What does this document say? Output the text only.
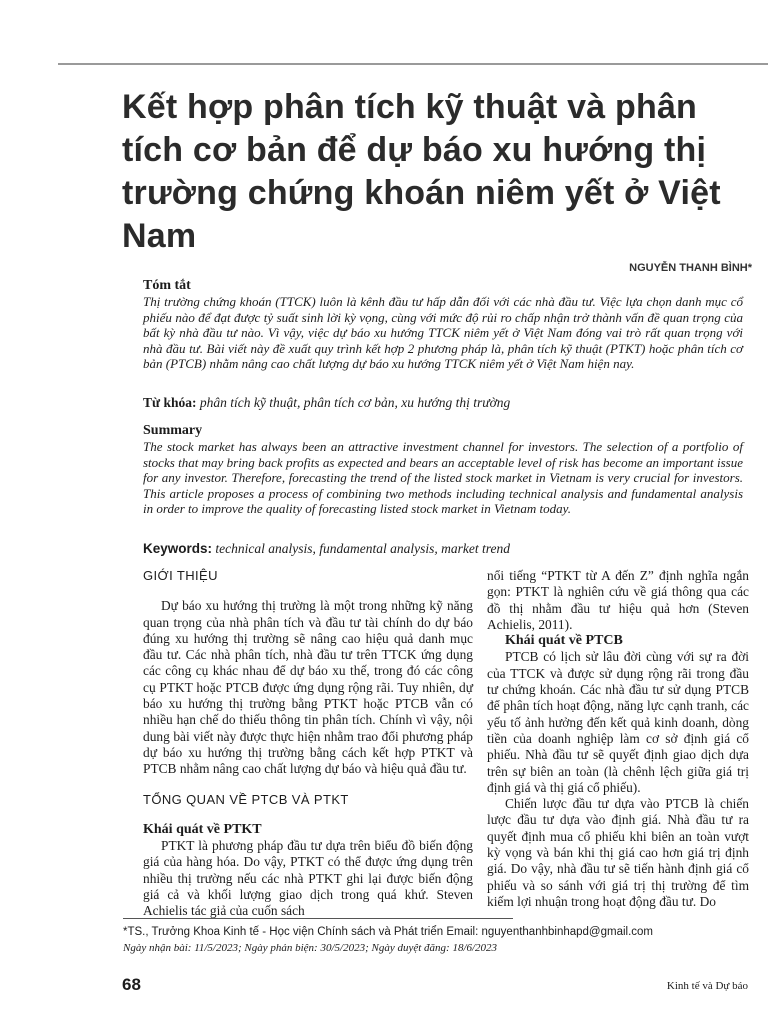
Kết hợp phân tích kỹ thuật và phân tích cơ bản để dự báo xu hướng thị trường chứng khoán niêm yết ở Việt Nam
NGUYỄN THANH BÌNH*

Tóm tắt

Thị trường chứng khoán (TTCK) luôn là kênh đầu tư hấp dẫn đối với các nhà đầu tư. Việc lựa chọn danh mục cổ phiếu nào để đạt được tỷ suất sinh lời kỳ vọng, cùng với mức độ rủi ro chấp nhận trở thành vấn đề quan trọng của bất kỳ nhà đầu tư nào. Vì vậy, việc dự báo xu hướng TTCK niêm yết ở Việt Nam đóng vai trò rất quan trọng với nhà đầu tư. Bài viết này đề xuất quy trình kết hợp 2 phương pháp là, phân tích kỹ thuật (PTKT) hoặc phân tích cơ bản (PTCB) nhằm nâng cao chất lượng dự báo xu hướng TTCK niêm yết ở Việt Nam hiện nay.

Từ khóa: phân tích kỹ thuật, phân tích cơ bản, xu hướng thị trường

Summary

The stock market has always been an attractive investment channel for investors. The selection of a portfolio of stocks that may bring back profits as expected and bears an acceptable level of risk has become an important issue for any investor. Therefore, forecasting the trend of the listed stock market in Vietnam is very crucial for investors. This article proposes a process of combining two methods including technical analysis and fundamental analysis in order to improve the quality of forecasting listed stock market in Vietnam today.

Keywords: technical analysis, fundamental analysis, market trend
GIỚI THIỆU

Dự báo xu hướng thị trường là một trong những kỹ năng quan trọng của nhà phân tích và đầu tư tài chính do dự báo đúng xu hướng thị trường sẽ nâng cao hiệu quả danh mục đầu tư. Các nhà phân tích, nhà đầu tư trên TTCK ứng dụng các công cụ khác nhau để dự báo xu thế, trong đó các công cụ PTKT hoặc PTCB được ứng dụng rộng rãi. Tuy nhiên, dự báo xu hướng thị trường bằng PTKT hoặc PTCB vẫn có nhiều hạn chế do thiếu thông tin phân tích. Chính vì vậy, nội dung bài viết này được thực hiện nhằm trao đổi phương pháp dự báo xu hướng thị trường bằng cách kết hợp PTKT và PTCB nhằm nâng cao chất lượng dự báo và hiệu quả đầu tư.

TỔNG QUAN VỀ PTCB VÀ PTKT

Khái quát về PTKT

PTKT là phương pháp đầu tư dựa trên biểu đồ biến động giá của hàng hóa. Do vậy, PTKT có thể được ứng dụng trên nhiều thị trường nếu các nhà PTKT ghi lại được biến động giá cả và khối lượng giao dịch trong quá khứ. Steven Achielis tác giả của cuốn sách

nổi tiếng “PTKT từ A đến Z” định nghĩa ngắn gọn: PTKT là nghiên cứu về giá thông qua các đồ thị nhằm đầu tư hiệu quả hơn (Steven Achielis, 2011).

Khái quát về PTCB

PTCB có lịch sử lâu đời cùng với sự ra đời của TTCK và được sử dụng rộng rãi trong đầu tư chứng khoán. Các nhà đầu tư sử dụng PTCB để phân tích hoạt động, năng lực cạnh tranh, các yếu tố ảnh hưởng đến kết quả kinh doanh, dòng tiền của doanh nghiệp làm cơ sở định giá cổ phiếu. Nhà đầu tư sẽ quyết định giao dịch dựa trên sự biên an toàn (là chênh lệch giữa giá trị định giá và thị giá cổ phiếu).

Chiến lược đầu tư dựa vào PTCB là chiến lược đầu tư dựa vào định giá. Nhà đầu tư ra quyết định mua cổ phiếu khi biên an toàn vượt kỳ vọng và bán khi thị giá cao hơn giá trị định giá. Do vậy, nhà đầu tư sẽ tiến hành định giá cổ phiếu và so sánh với giá trị thị trường để tìm kiếm lợi nhuận trong hoạt động đầu tư. Do

*TS., Trưởng Khoa Kinh tế - Học viện Chính sách và Phát triển Email: nguyenthanhbinhapd@gmail.com
Ngày nhận bài: 11/5/2023; Ngày phản biện: 30/5/2023; Ngày duyệt đăng: 18/6/2023
68	Kinh tế và Dự báo
